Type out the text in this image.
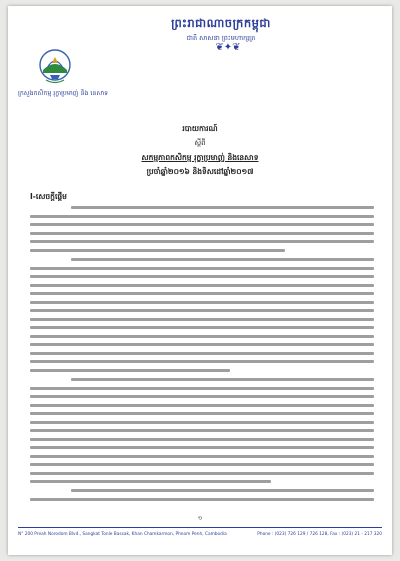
ព្រះរាជាណាចក្រកម្ពុជា
ជាតិ សាសនា ព្រះមហាក្សត្រ
❦✦❦
ក្រសួងកសិកម្ម រុក្ខាប្រមាញ់ និង នេសាទ
របាយការណ៍
ស្តីពី
សកម្មភាពកសិកម្ម រុក្ខាប្រមាញ់ និងនេសាទ
ប្រចាំឆ្នាំ២០១៦ និងទិសដៅឆ្នាំ២០១៧
I-សេចក្តីផ្តើម
១
N° 200 Preah Norodom Blvd., Sangkat Tonle Bassak, Khan Chamkarmon, Phnom Penh, Cambodia	Phone : (023) 726 129 / 726 128, Fax : (023) 21 - 217 320
